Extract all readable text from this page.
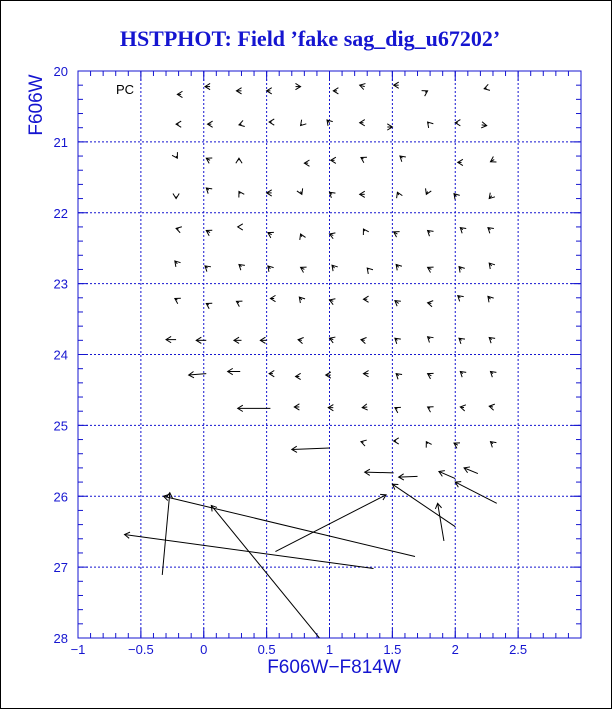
HSTPHOT: Field ’fake sag_dig_u67202’
−1	−0.5	0	0.5	1	1.5	2	2.5
20
21
22
23
24
25
26
27
28
PC
F606W−F814W
F606W
